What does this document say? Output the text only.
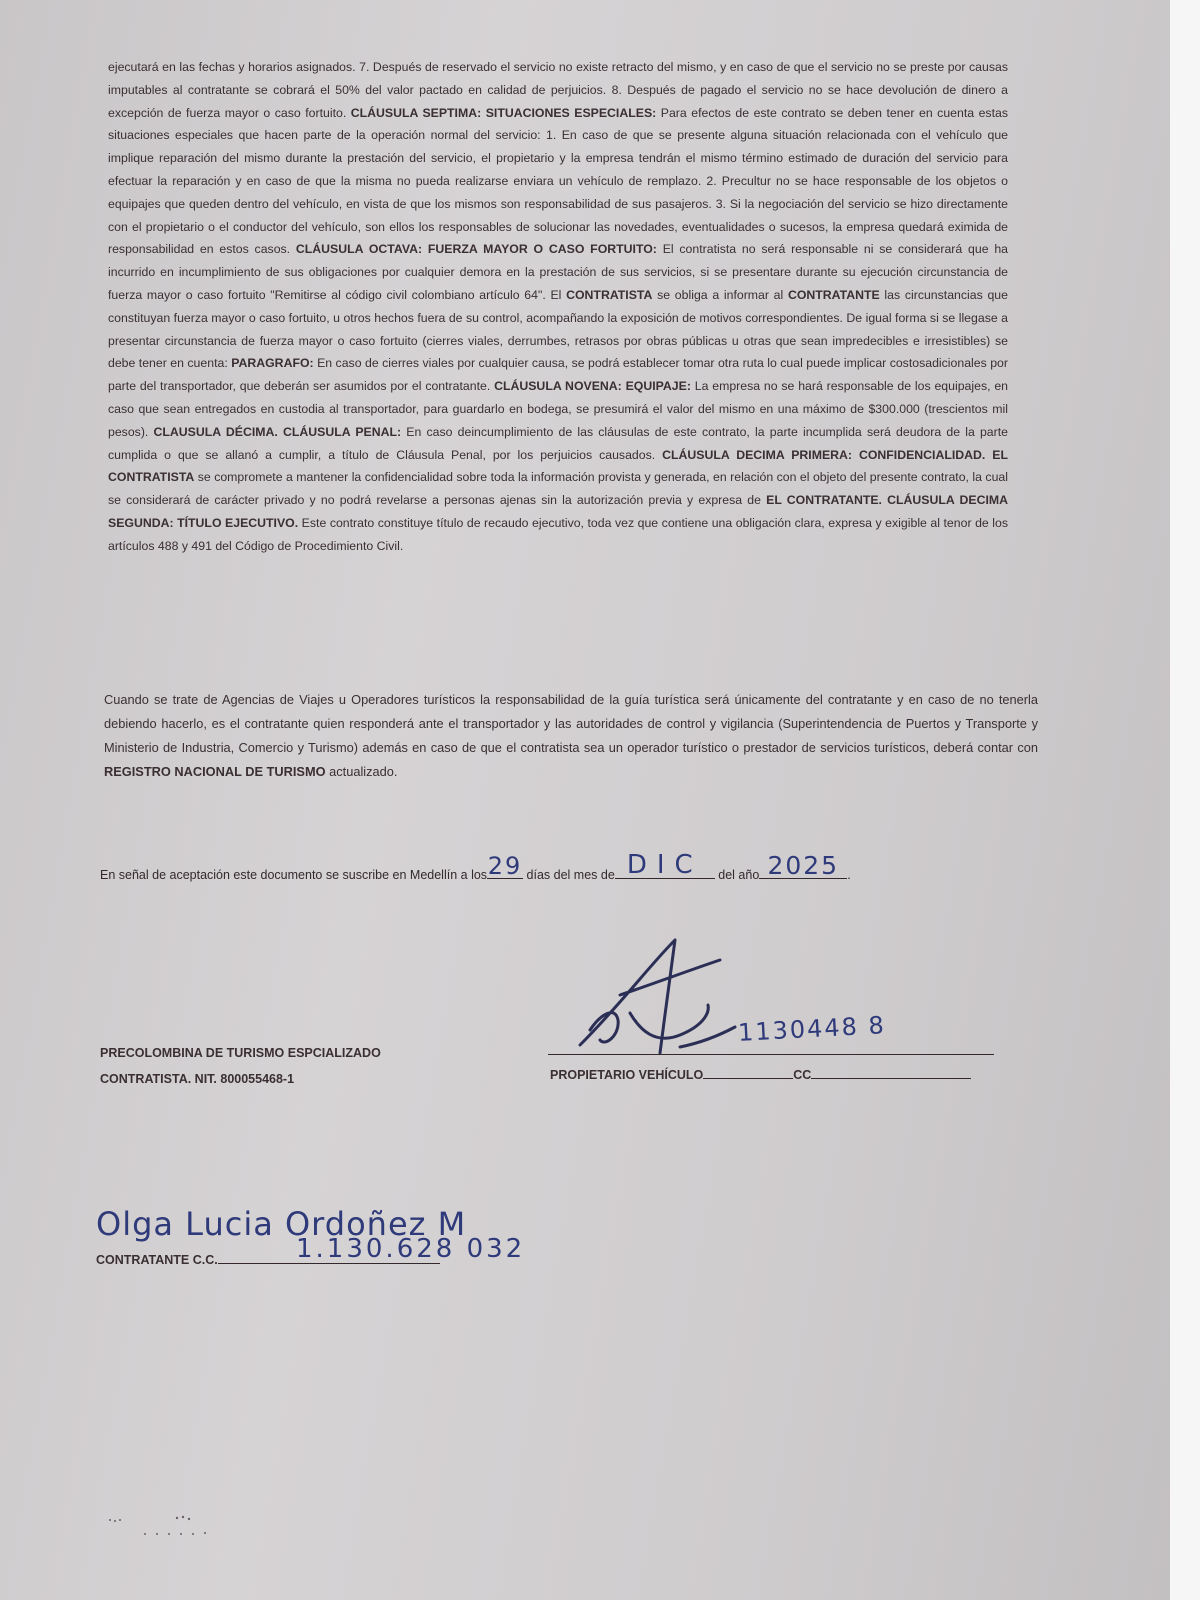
ejecutará en las fechas y horarios asignados. 7. Después de reservado el servicio no existe retracto del mismo, y en caso de que el servicio no se preste por causas imputables al contratante se cobrará el 50% del valor pactado en calidad de perjuicios. 8. Después de pagado el servicio no se hace devolución de dinero a excepción de fuerza mayor o caso fortuito. CLÁUSULA SEPTIMA: SITUACIONES ESPECIALES: Para efectos de este contrato se deben tener en cuenta estas situaciones especiales que hacen parte de la operación normal del servicio: 1. En caso de que se presente alguna situación relacionada con el vehículo que implique reparación del mismo durante la prestación del servicio, el propietario y la empresa tendrán el mismo término estimado de duración del servicio para efectuar la reparación y en caso de que la misma no pueda realizarse enviara un vehículo de remplazo. 2. Precultur no se hace responsable de los objetos o equipajes que queden dentro del vehículo, en vista de que los mismos son responsabilidad de sus pasajeros. 3. Si la negociación del servicio se hizo directamente con el propietario o el conductor del vehículo, son ellos los responsables de solucionar las novedades, eventualidades o sucesos, la empresa quedará eximida de responsabilidad en estos casos. CLÁUSULA OCTAVA: FUERZA MAYOR O CASO FORTUITO: El contratista no será responsable ni se considerará que ha incurrido en incumplimiento de sus obligaciones por cualquier demora en la prestación de sus servicios, si se presentare durante su ejecución circunstancia de fuerza mayor o caso fortuito "Remitirse al código civil colombiano artículo 64". El CONTRATISTA se obliga a informar al CONTRATANTE las circunstancias que constituyan fuerza mayor o caso fortuito, u otros hechos fuera de su control, acompañando la exposición de motivos correspondientes. De igual forma si se llegase a presentar circunstancia de fuerza mayor o caso fortuito (cierres viales, derrumbes, retrasos por obras públicas u otras que sean impredecibles e irresistibles) se debe tener en cuenta: PARAGRAFO: En caso de cierres viales por cualquier causa, se podrá establecer tomar otra ruta lo cual puede implicar costosadicionales por parte del transportador, que deberán ser asumidos por el contratante. CLÁUSULA NOVENA: EQUIPAJE: La empresa no se hará responsable de los equipajes, en caso que sean entregados en custodia al transportador, para guardarlo en bodega, se presumirá el valor del mismo en una máximo de $300.000 (trescientos mil pesos). CLAUSULA DÉCIMA. CLÁUSULA PENAL: En caso deincumplimiento de las cláusulas de este contrato, la parte incumplida será deudora de la parte cumplida o que se allanó a cumplir, a título de Cláusula Penal, por los perjuicios causados. CLÁUSULA DECIMA PRIMERA: CONFIDENCIALIDAD. EL CONTRATISTA se compromete a mantener la confidencialidad sobre toda la información provista y generada, en relación con el objeto del presente contrato, la cual se considerará de carácter privado y no podrá revelarse a personas ajenas sin la autorización previa y expresa de EL CONTRATANTE. CLÁUSULA DECIMA SEGUNDA: TÍTULO EJECUTIVO. Este contrato constituye título de recaudo ejecutivo, toda vez que contiene una obligación clara, expresa y exigible al tenor de los artículos 488 y 491 del Código de Procedimiento Civil.

Cuando se trate de Agencias de Viajes u Operadores turísticos la responsabilidad de la guía turística será únicamente del contratante y en caso de no tenerla debiendo hacerlo, es el contratante quien responderá ante el transportador y las autoridades de control y vigilancia (Superintendencia de Puertos y Transporte y Ministerio de Industria, Comercio y Turismo) además en caso de que el contratista sea un operador turístico o prestador de servicios turísticos, deberá contar con REGISTRO NACIONAL DE TURISMO actualizado.

En señal de aceptación este documento se suscribe en Medellín a los 29 días del mes de DIC	del año 2025 .
1130448 8
PRECOLOMBINA DE TURISMO ESPCIALIZADO
CONTRATISTA. NIT. 800055468-1	PROPIETARIO VEHÍCULO	CC
Olga Lucia Ordoñez M
1.130.628 032
CONTRATANTE C.C.
